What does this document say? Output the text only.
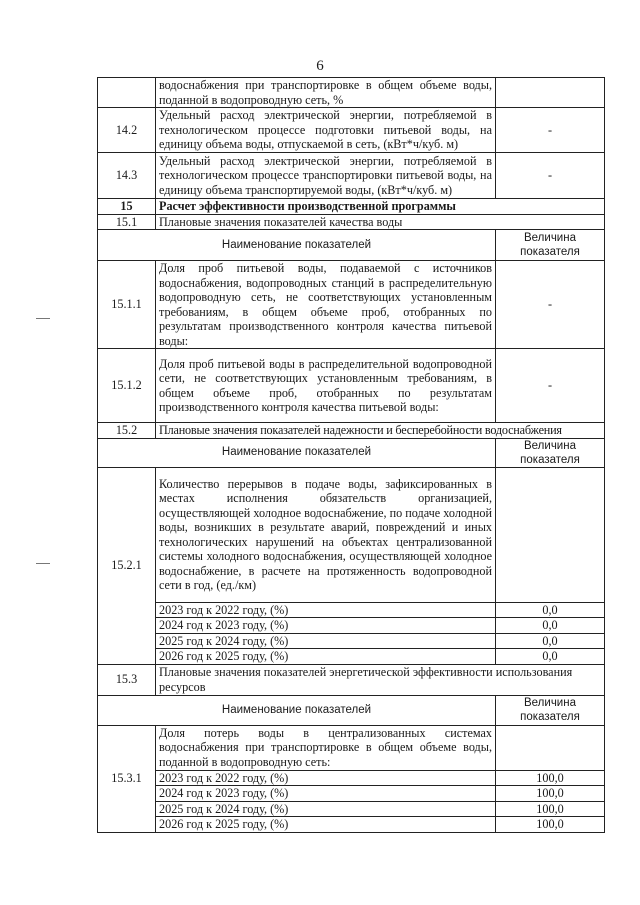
6
	водоснабжения при транспортировке в общем объеме воды, поданной в водопроводную сеть, %	
14.2	Удельный расход электрической энергии, потребляемой в технологическом процессе подготовки питьевой воды, на единицу объема воды, отпускаемой в сеть, (кВт*ч/куб. м)	-
14.3	Удельный расход электрической энергии, потребляемой в технологическом процессе транспортировки питьевой воды, на единицу объема транспортируемой воды, (кВт*ч/куб. м)	-
15	Расчет эффективности производственной программы	
15.1	Плановые значения показателей качества воды	
Наименование показателей		Величина показателя
15.1.1	Доля проб питьевой воды, подаваемой с источников водоснабжения, водопроводных станций в распределительную водопроводную сеть, не соответствующих установленным требованиям, в общем объеме проб, отобранных по результатам производственного контроля качества питьевой воды:	-
15.1.2	Доля проб питьевой воды в распределительной водопроводной сети, не соответствующих установленным требованиям, в общем объеме проб, отобранных по результатам производственного контроля качества питьевой воды:	-
15.2	Плановые значения показателей надежности и бесперебойности водоснабжения	
Наименование показателей		Величина показателя
15.2.1	Количество перерывов в подаче воды, зафиксированных в местах исполнения обязательств организацией, осуществляющей холодное водоснабжение, по подаче холодной воды, возникших в результате аварий, повреждений и иных технологических нарушений на объектах централизованной системы холодного водоснабжения, осуществляющей холодное водоснабжение, в расчете на протяженность водопроводной сети в год, (ед./км)	
	2023 год к 2022 году, (%)	0,0
	2024 год к 2023 году, (%)	0,0
	2025 год к 2024 году, (%)	0,0
	2026 год к 2025 году, (%)	0,0
15.3	Плановые значения показателей энергетической эффективности использования ресурсов	
Наименование показателей		Величина показателя
15.3.1	Доля потерь воды в централизованных системах водоснабжения при транспортировке в общем объеме воды, поданной в водопроводную сеть:	
	2023 год к 2022 году, (%)	100,0
	2024 год к 2023 году, (%)	100,0
	2025 год к 2024 году, (%)	100,0
	2026 год к 2025 году, (%)	100,0
